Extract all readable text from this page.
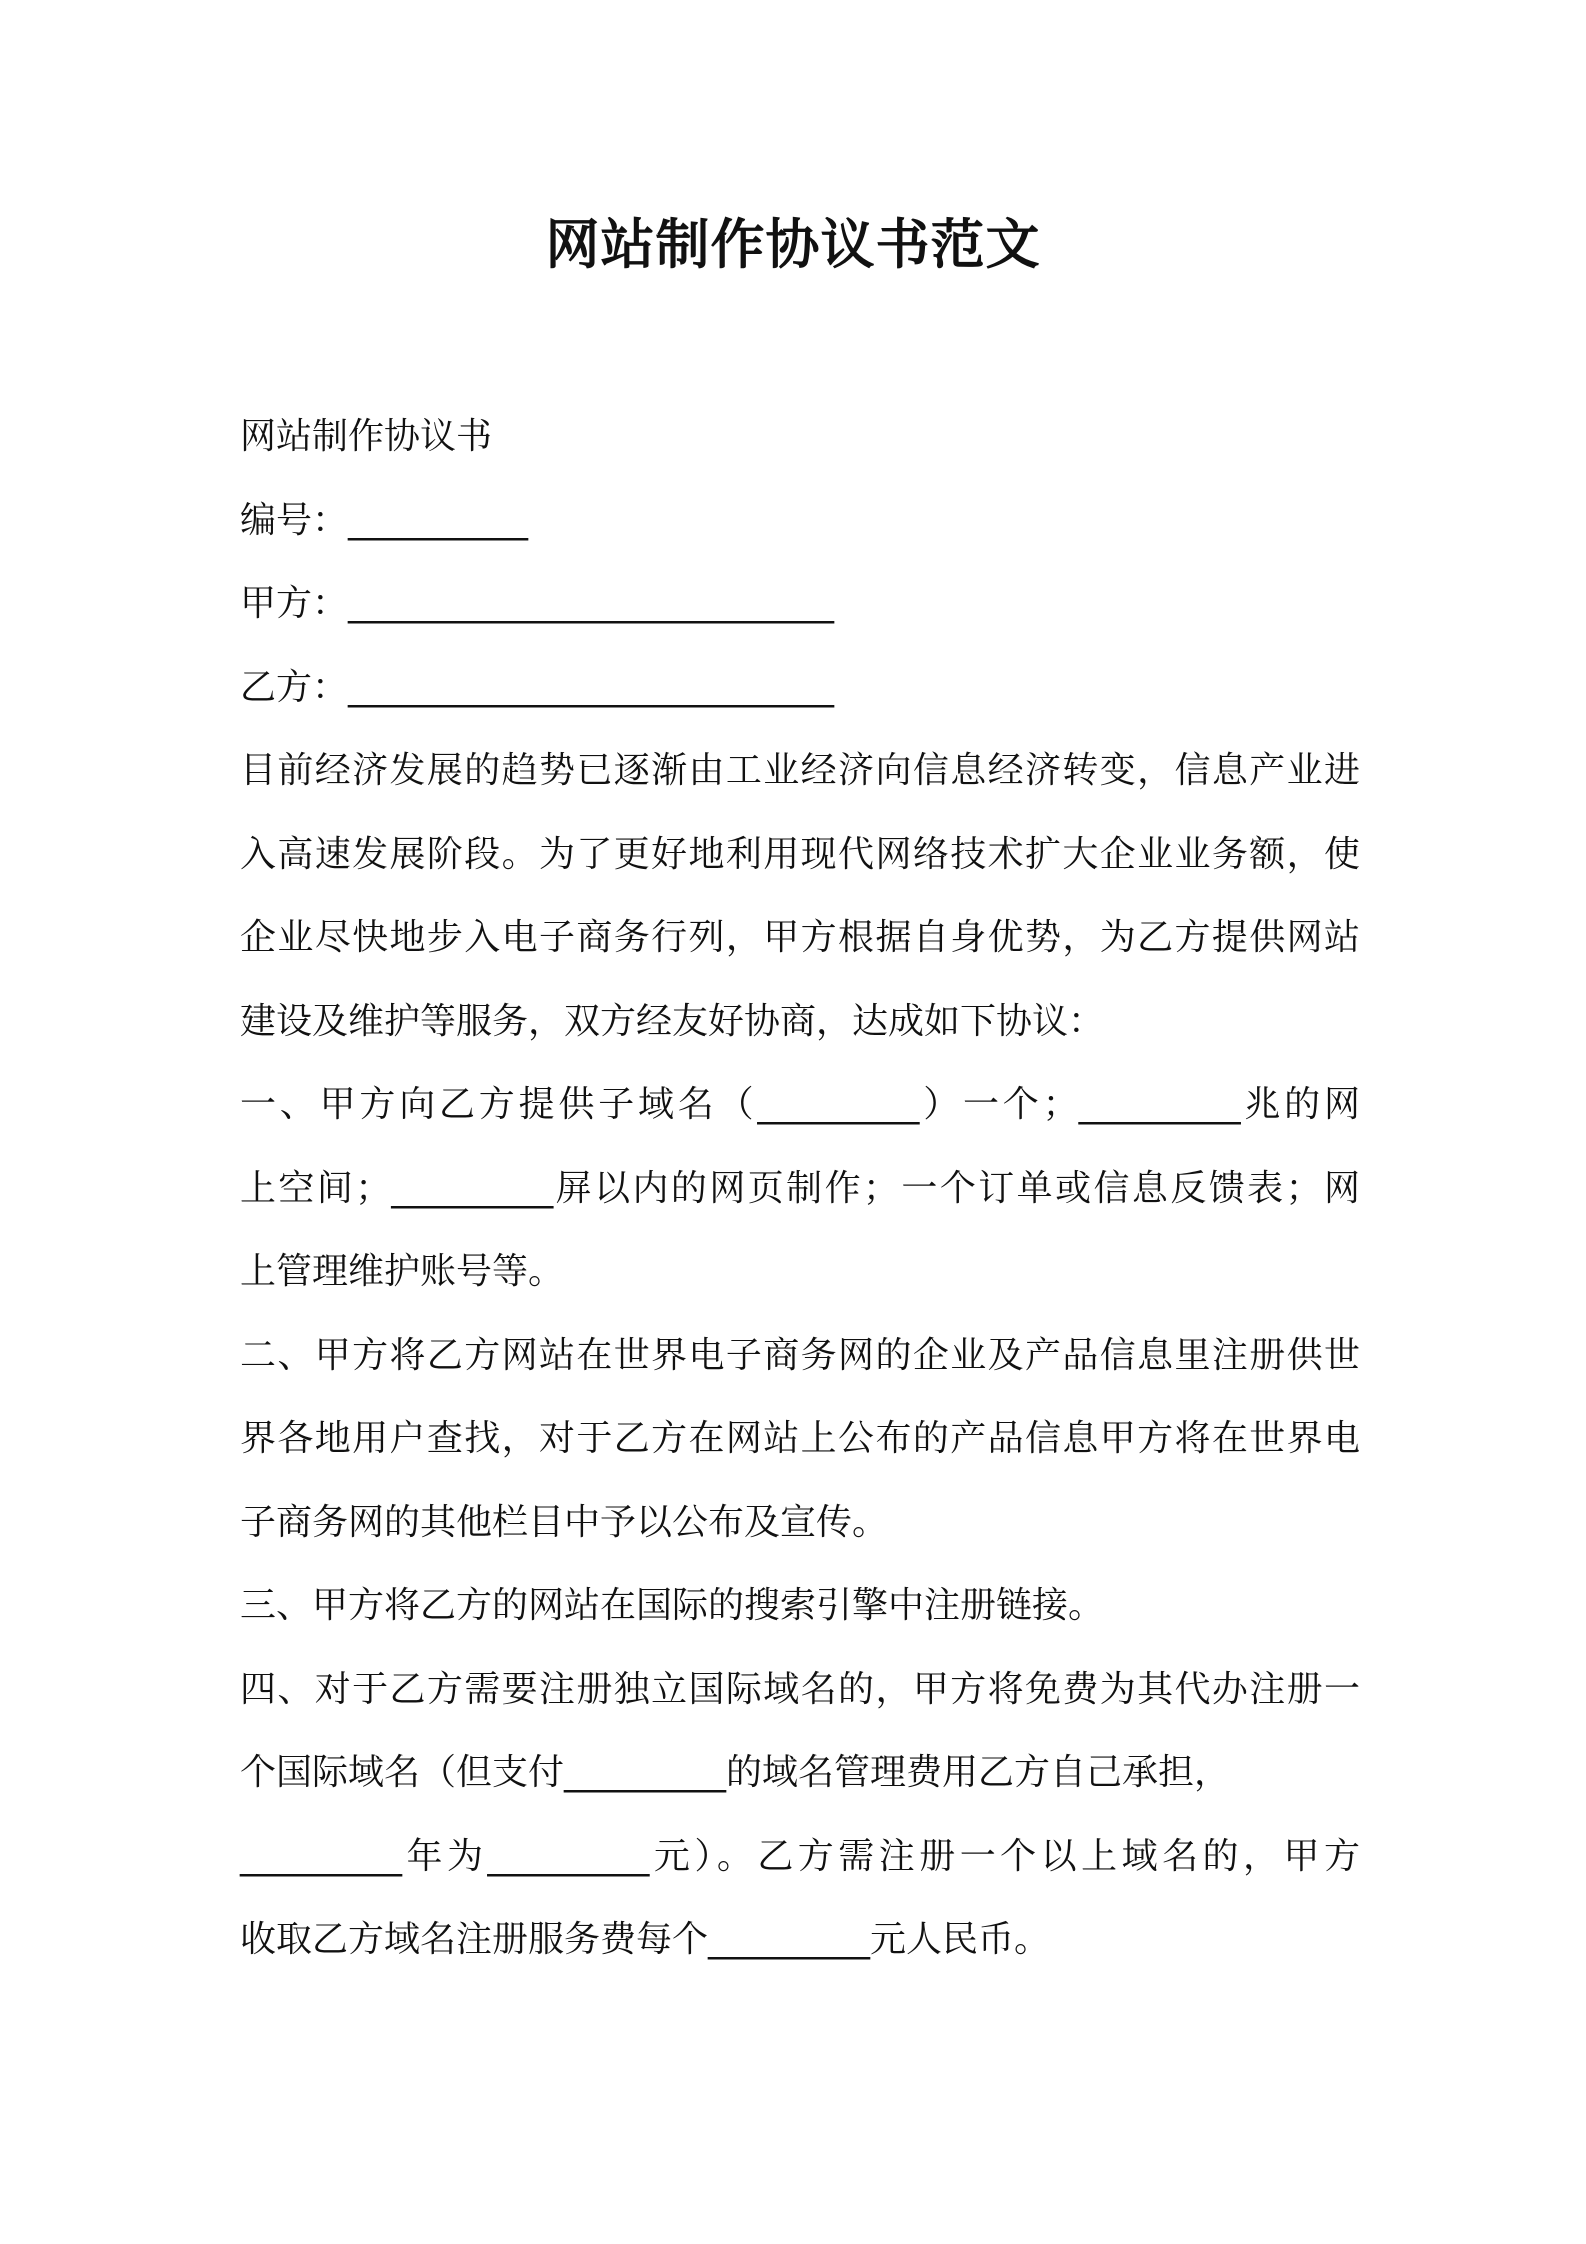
网站制作协议书范文
网站制作协议书
编号：__________
甲方：___________________________
乙方：___________________________
目前经济发展的趋势已逐渐由工业经济向信息经济转变，信息产业进
入高速发展阶段。为了更好地利用现代网络技术扩大企业业务额，使
企业尽快地步入电子商务行列，甲方根据自身优势，为乙方提供网站
建设及维护等服务，双方经友好协商，达成如下协议：
一、甲方向乙方提供子域名（_________）一个；_________兆的网
上空间；_________屏以内的网页制作；一个订单或信息反馈表；网
上管理维护账号等。
二、甲方将乙方网站在世界电子商务网的企业及产品信息里注册供世
界各地用户查找，对于乙方在网站上公布的产品信息甲方将在世界电
子商务网的其他栏目中予以公布及宣传。
三、甲方将乙方的网站在国际的搜索引擎中注册链接。
四、对于乙方需要注册独立国际域名的，甲方将免费为其代办注册一
个国际域名（但支付_________的域名管理费用乙方自己承担，
_________年为_________元）。乙方需注册一个以上域名的，甲方
收取乙方域名注册服务费每个_________元人民币。
